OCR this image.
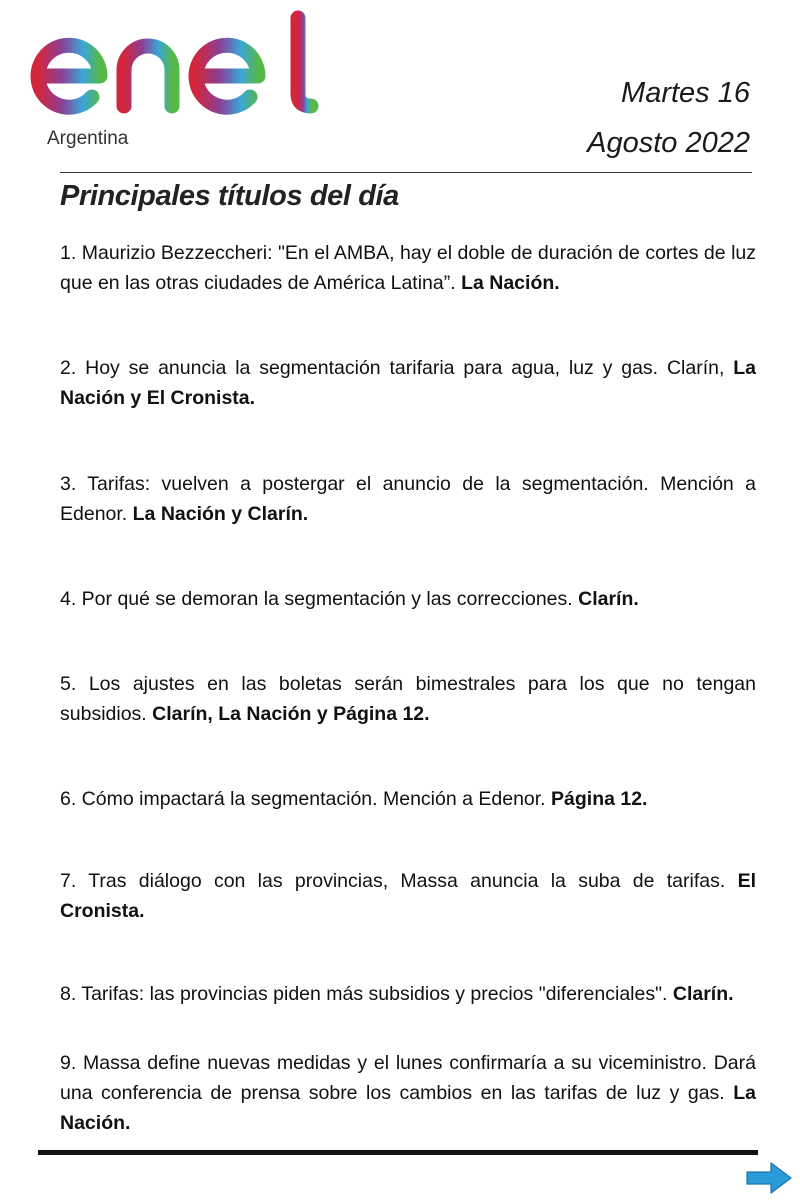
Argentina
Martes 16
Agosto 2022
Principales títulos del día

1. Maurizio Bezzeccheri: "En el AMBA, hay el doble de duración de cortes de luz que en las otras ciudades de América Latina”. La Nación.

2. Hoy se anuncia la segmentación tarifaria para agua, luz y gas. Clarín, La Nación y El Cronista.

3. Tarifas: vuelven a postergar el anuncio de la segmentación. Mención a Edenor. La Nación y Clarín.

4. Por qué se demoran la segmentación y las correcciones. Clarín.

5. Los ajustes en las boletas serán bimestrales para los que no tengan subsidios. Clarín, La Nación y Página 12.

6. Cómo impactará la segmentación. Mención a Edenor. Página 12.

7. Tras diálogo con las provincias, Massa anuncia la suba de tarifas. El Cronista.

8. Tarifas: las provincias piden más subsidios y precios "diferenciales". Clarín.

9. Massa define nuevas medidas y el lunes confirmaría a su viceministro. Dará una conferencia de prensa sobre los cambios en las tarifas de luz y gas. La Nación.
